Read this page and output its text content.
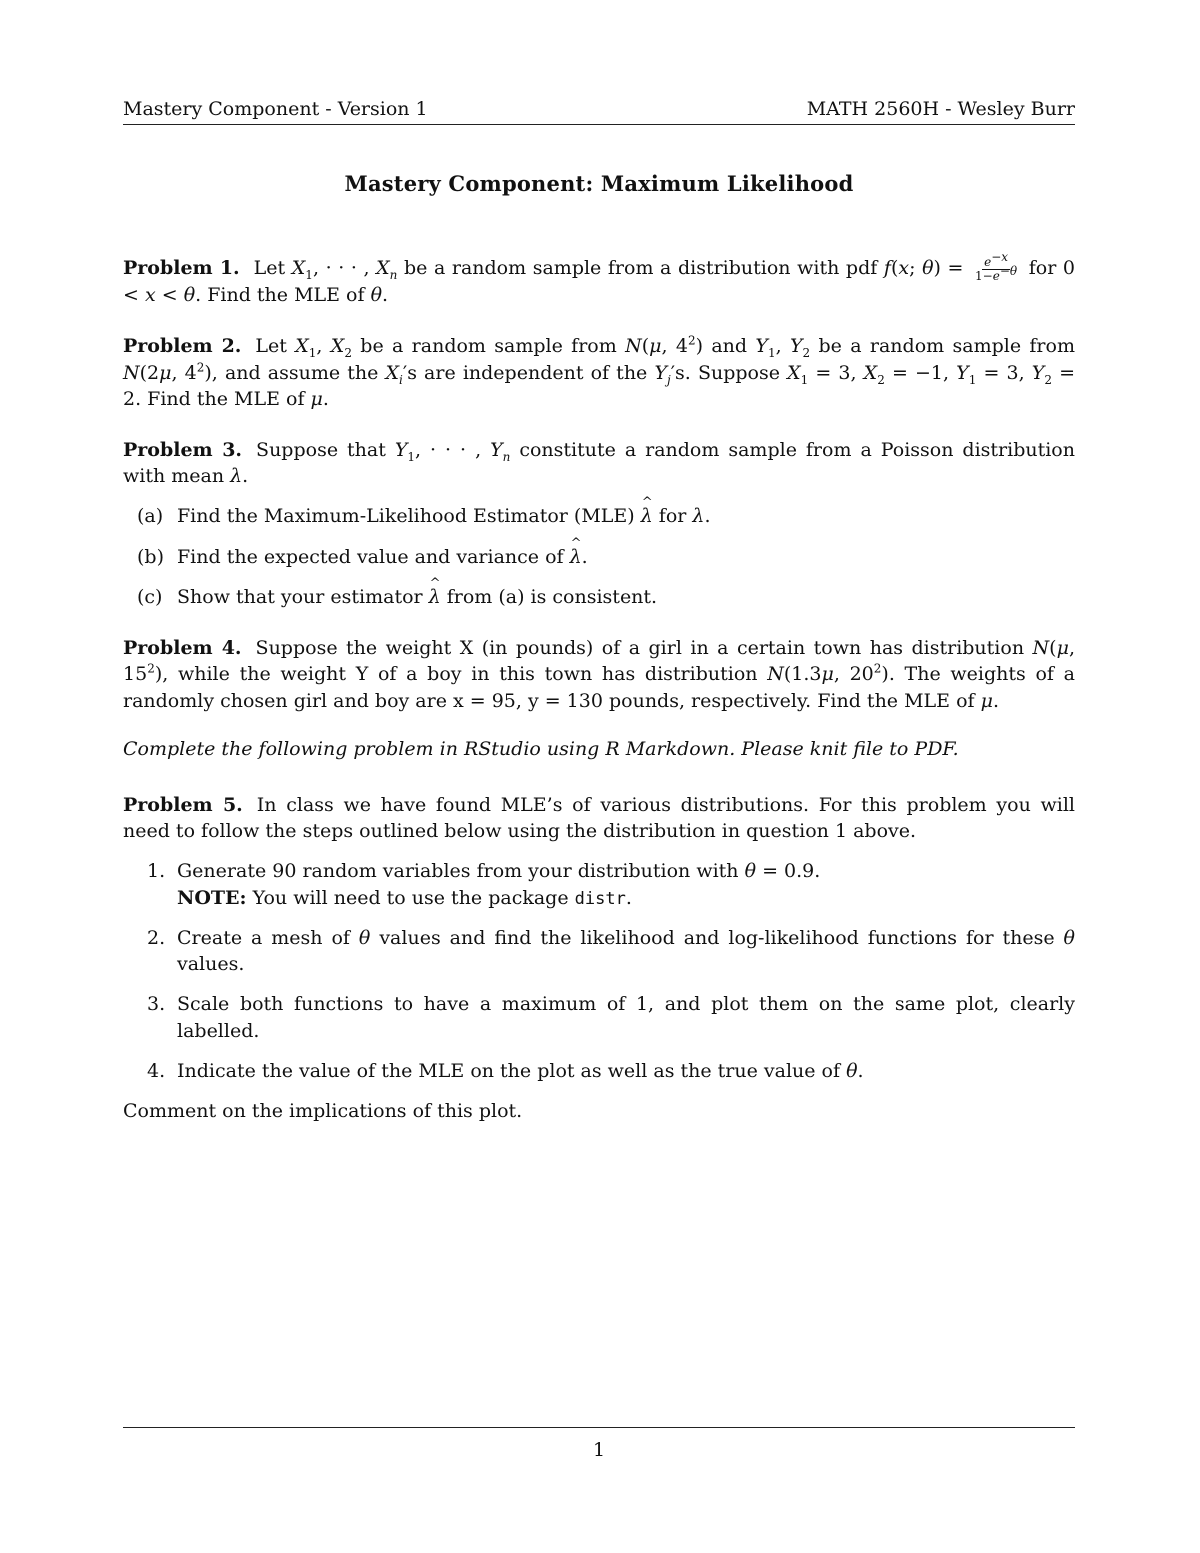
Mastery Component - Version 1	MATH 2560H - Wesley Burr
Mastery Component: Maximum Likelihood

Problem 1. Let $X_1$, · · · , $X_n$ be a random sample from a distribution with pdf f(x; $\theta) = \frac{e^{-x}}{1-e^{-\theta}}$ for 0 < x < θ. Find the MLE of θ.

Problem 2. Let $X_1$, $X_2$ be a random sample from N(μ, $4^2$) and $Y_1$, $Y_2$ be a random sample from N(2μ, $4^2$), and assume the $X_i's$ are independent of the $Y_j's$. Suppose $X_1 = 3$, $X_2 = -1$, $Y_1 = 3$, $Y_2 = 2$. Find the MLE of μ.

Problem 3. Suppose that $Y_1$, · · · , $Y_n$ constitute a random sample from a Poisson distribution with mean λ.

(a) Find the Maximum-Likelihood Estimator (MLE) ^ λ for λ.
(b) Find the expected value and variance of ^ λ.
(c) Show that your estimator ^ λ from (a) is consistent.

Problem 4. Suppose the weight X (in pounds) of a girl in a certain town has distribution N(μ, $15^2$), while the weight Y of a boy in this town has distribution N(1.3μ, $20^2$). The weights of a randomly chosen girl and boy are x = 95, y = 130 pounds, respectively. Find the MLE of μ.

Complete the following problem in RStudio using R Markdown. Please knit file to PDF.

Problem 5. In class we have found MLE’s of various distributions. For this problem you will need to follow the steps outlined below using the distribution in question 1 above.

1. Generate 90 random variables from your distribution with θ = 0.9.
NOTE: You will need to use the package distr.
2. Create a mesh of θ values and find the likelihood and log-likelihood functions for these θ values.
3. Scale both functions to have a maximum of 1, and plot them on the same plot, clearly labelled.
4. Indicate the value of the MLE on the plot as well as the true value of θ.

Comment on the implications of this plot.

1
